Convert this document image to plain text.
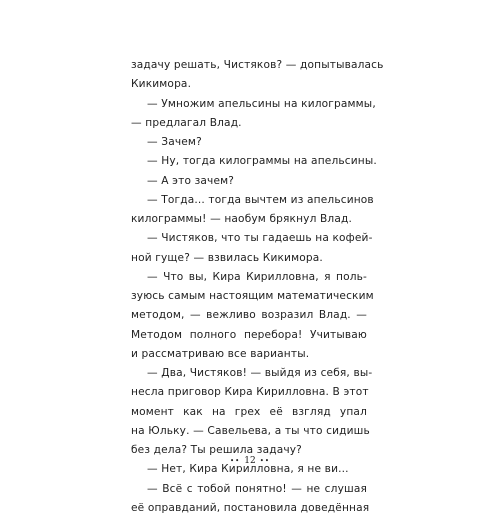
задачу решать, Чистяков? — допытывалась
Кикимора.
— Умножим апельсины на килограммы,
— предлагал Влад.
— Зачем?
— Ну, тогда килограммы на апельсины.
— А это зачем?
— Тогда... тогда вычтем из апельсинов
килограммы! — наобум брякнул Влад.
— Чистяков, что ты гадаешь на кофей-
ной гуще? — взвилась Кикимора.
— Что вы, Кира Кирилловна, я поль-
зуюсь самым настоящим математическим
методом, — вежливо возразил Влад. —
Методом полного перебора! Учитываю
и рассматриваю все варианты.
— Два, Чистяков! — выйдя из себя, вы-
несла приговор Кира Кирилловна. В этот
момент как на грех её взгляд упал
на Юльку. — Савельева, а ты что сидишь
без дела? Ты решила задачу?
— Нет, Кира Кирилловна, я не ви...
— Всё с тобой понятно! — не слушая
её оправданий, постановила доведённая
•• 12 ••
